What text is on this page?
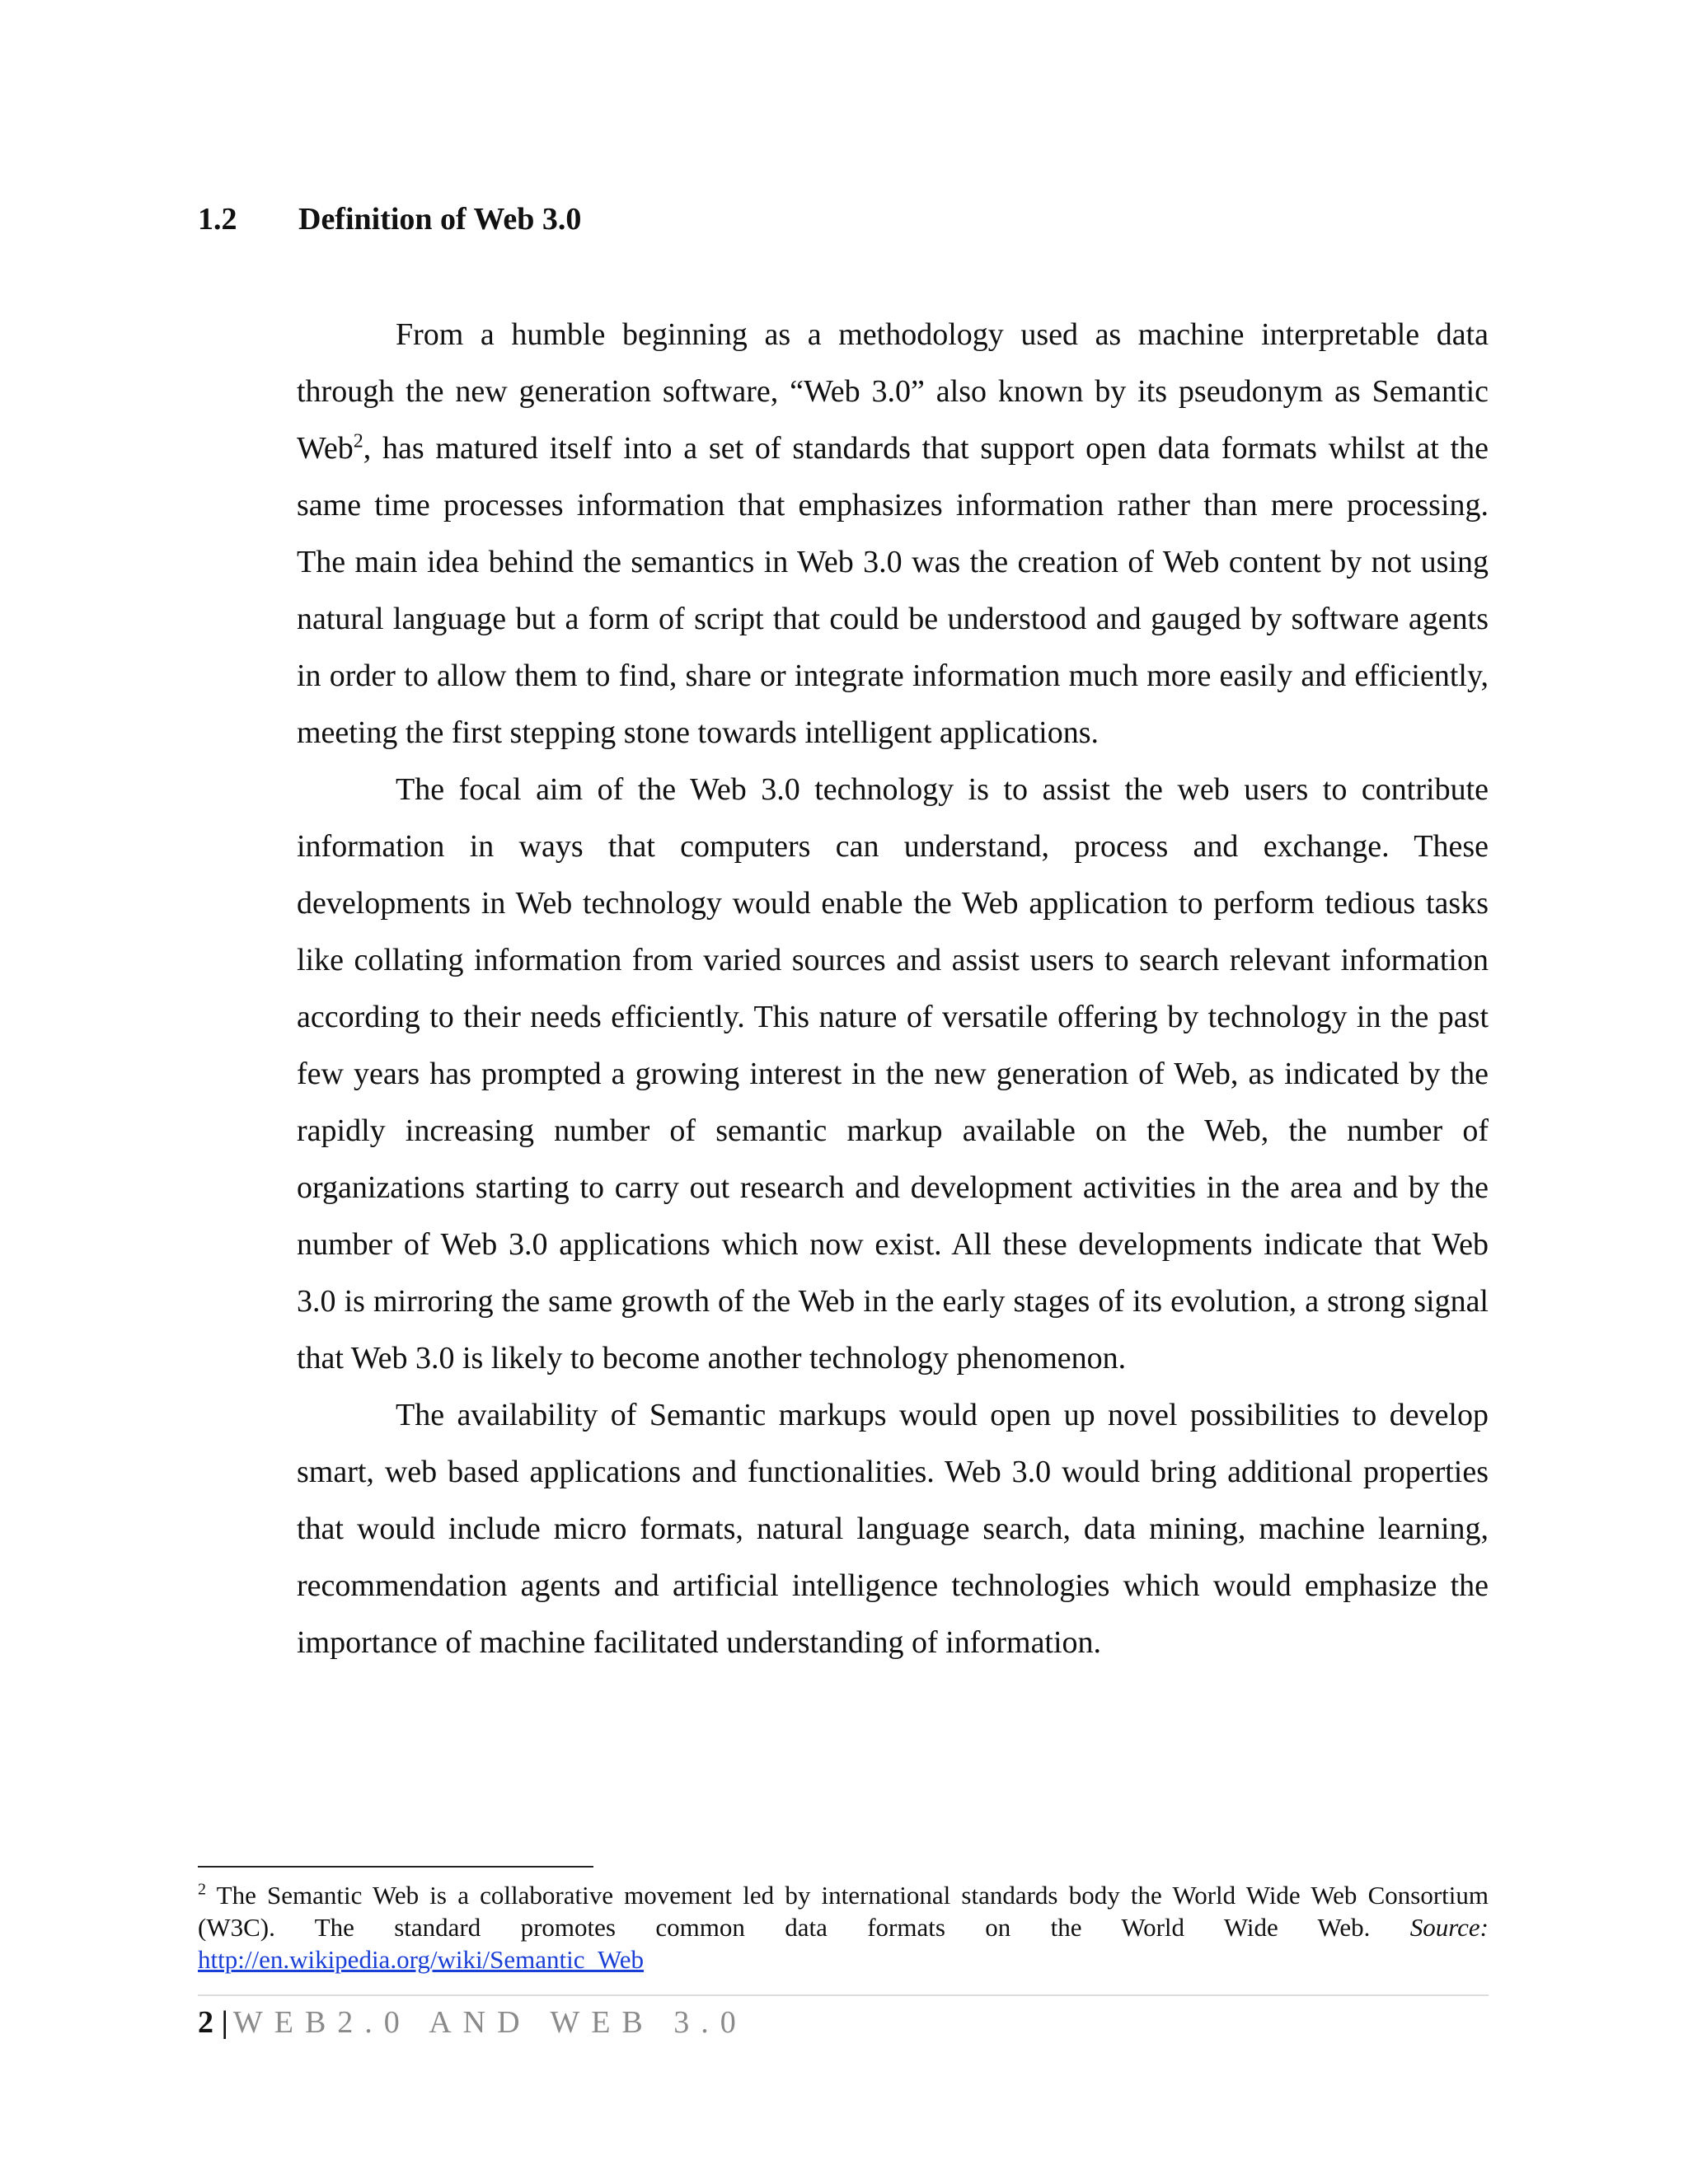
1.2 Definition of Web 3.0

From a humble beginning as a methodology used as machine interpretable data through the new generation software, “Web 3.0” also known by its pseudonym as Semantic Web$^2$, has matured itself into a set of standards that support open data formats whilst at the same time processes information that emphasizes information rather than mere processing. The main idea behind the semantics in Web 3.0 was the creation of Web content by not using natural language but a form of script that could be understood and gauged by software agents in order to allow them to find, share or integrate information much more easily and efficiently, meeting the first stepping stone towards intelligent applications.

The focal aim of the Web 3.0 technology is to assist the web users to contribute information in ways that computers can understand, process and exchange. These developments in Web technology would enable the Web application to perform tedious tasks like collating information from varied sources and assist users to search relevant information according to their needs efficiently. This nature of versatile offering by technology in the past few years has prompted a growing interest in the new generation of Web, as indicated by the rapidly increasing number of semantic markup available on the Web, the number of organizations starting to carry out research and development activities in the area and by the number of Web 3.0 applications which now exist. All these developments indicate that Web 3.0 is mirroring the same growth of the Web in the early stages of its evolution, a strong signal that Web 3.0 is likely to become another technology phenomenon.

The availability of Semantic markups would open up novel possibilities to develop smart, web based applications and functionalities. Web 3.0 would bring additional properties that would include micro formats, natural language search, data mining, machine learning, recommendation agents and artificial intelligence technologies which would emphasize the importance of machine facilitated understanding of information.

$^2$ The Semantic Web is a collaborative movement led by international standards body the World Wide Web Consortium (W3C). The standard promotes common data formats on the World Wide Web. Source: http://en.wikipedia.org/wiki/Semantic_Web
2 | WEB2.0 AND WEB 3.0
